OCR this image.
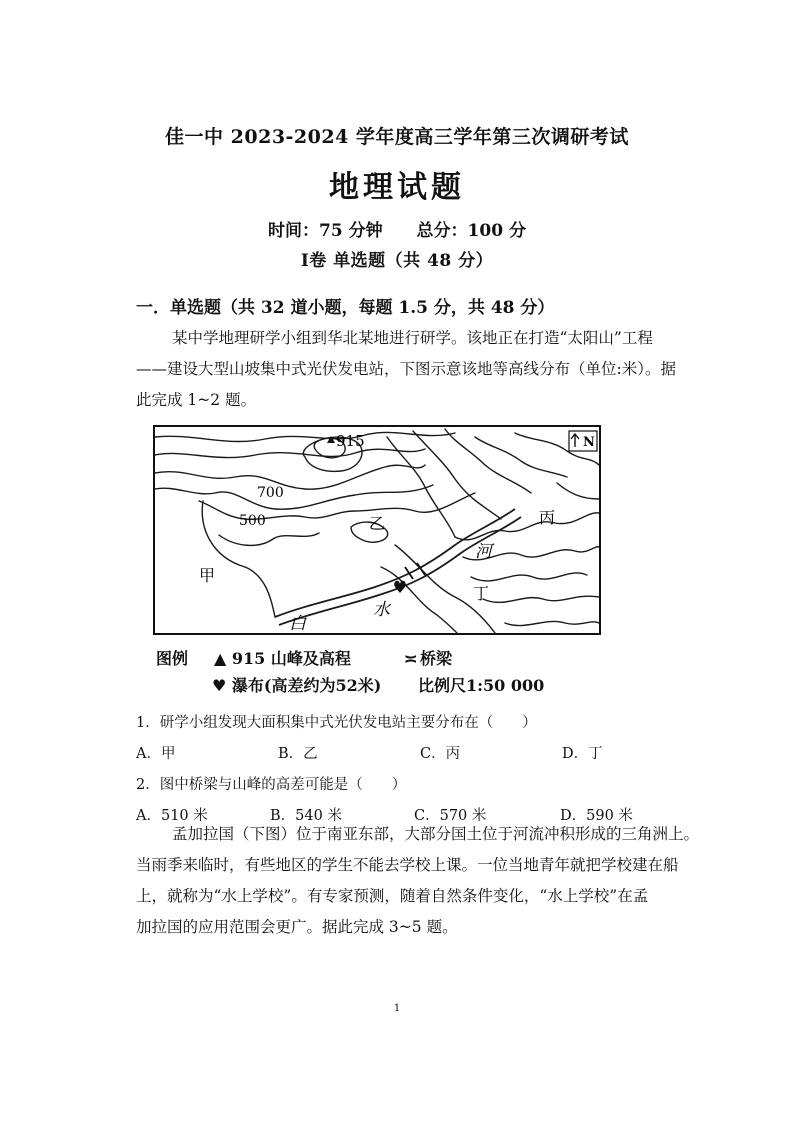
佳一中 2023-2024 学年度高三学年第三次调研考试
地理试题
时间：75 分钟 总分：100 分
Ⅰ卷 单选题（共 48 分）
一．单选题（共 32 道小题，每题 1.5 分，共 48 分）
某中学地理研学小组到华北某地进行研学。该地正在打造“太阳山”工程
——建设大型山坡集中式光伏发电站，下图示意该地等高线分布（单位:米）。据
此完成 1~2 题。
N
915
700
500
甲
乙	丙
丁
白
水
河
图例 ▲ 915 山峰及高程	≍ 桥梁
♥ 瀑布(高差约为52米) 比例尺1:50 000
1．研学小组发现大面积集中式光伏发电站主要分布在（　　）
A．甲	B．乙	C．丙	D．丁
2．图中桥梁与山峰的高差可能是（　　）
A．510 米	B．540 米	C．570 米	D．590 米
孟加拉国（下图）位于南亚东部，大部分国土位于河流冲积形成的三角洲上。
当雨季来临时，有些地区的学生不能去学校上课。一位当地青年就把学校建在船
上，就称为“水上学校”。有专家预测，随着自然条件变化，“水上学校”在孟
加拉国的应用范围会更广。据此完成 3~5 题。
1
